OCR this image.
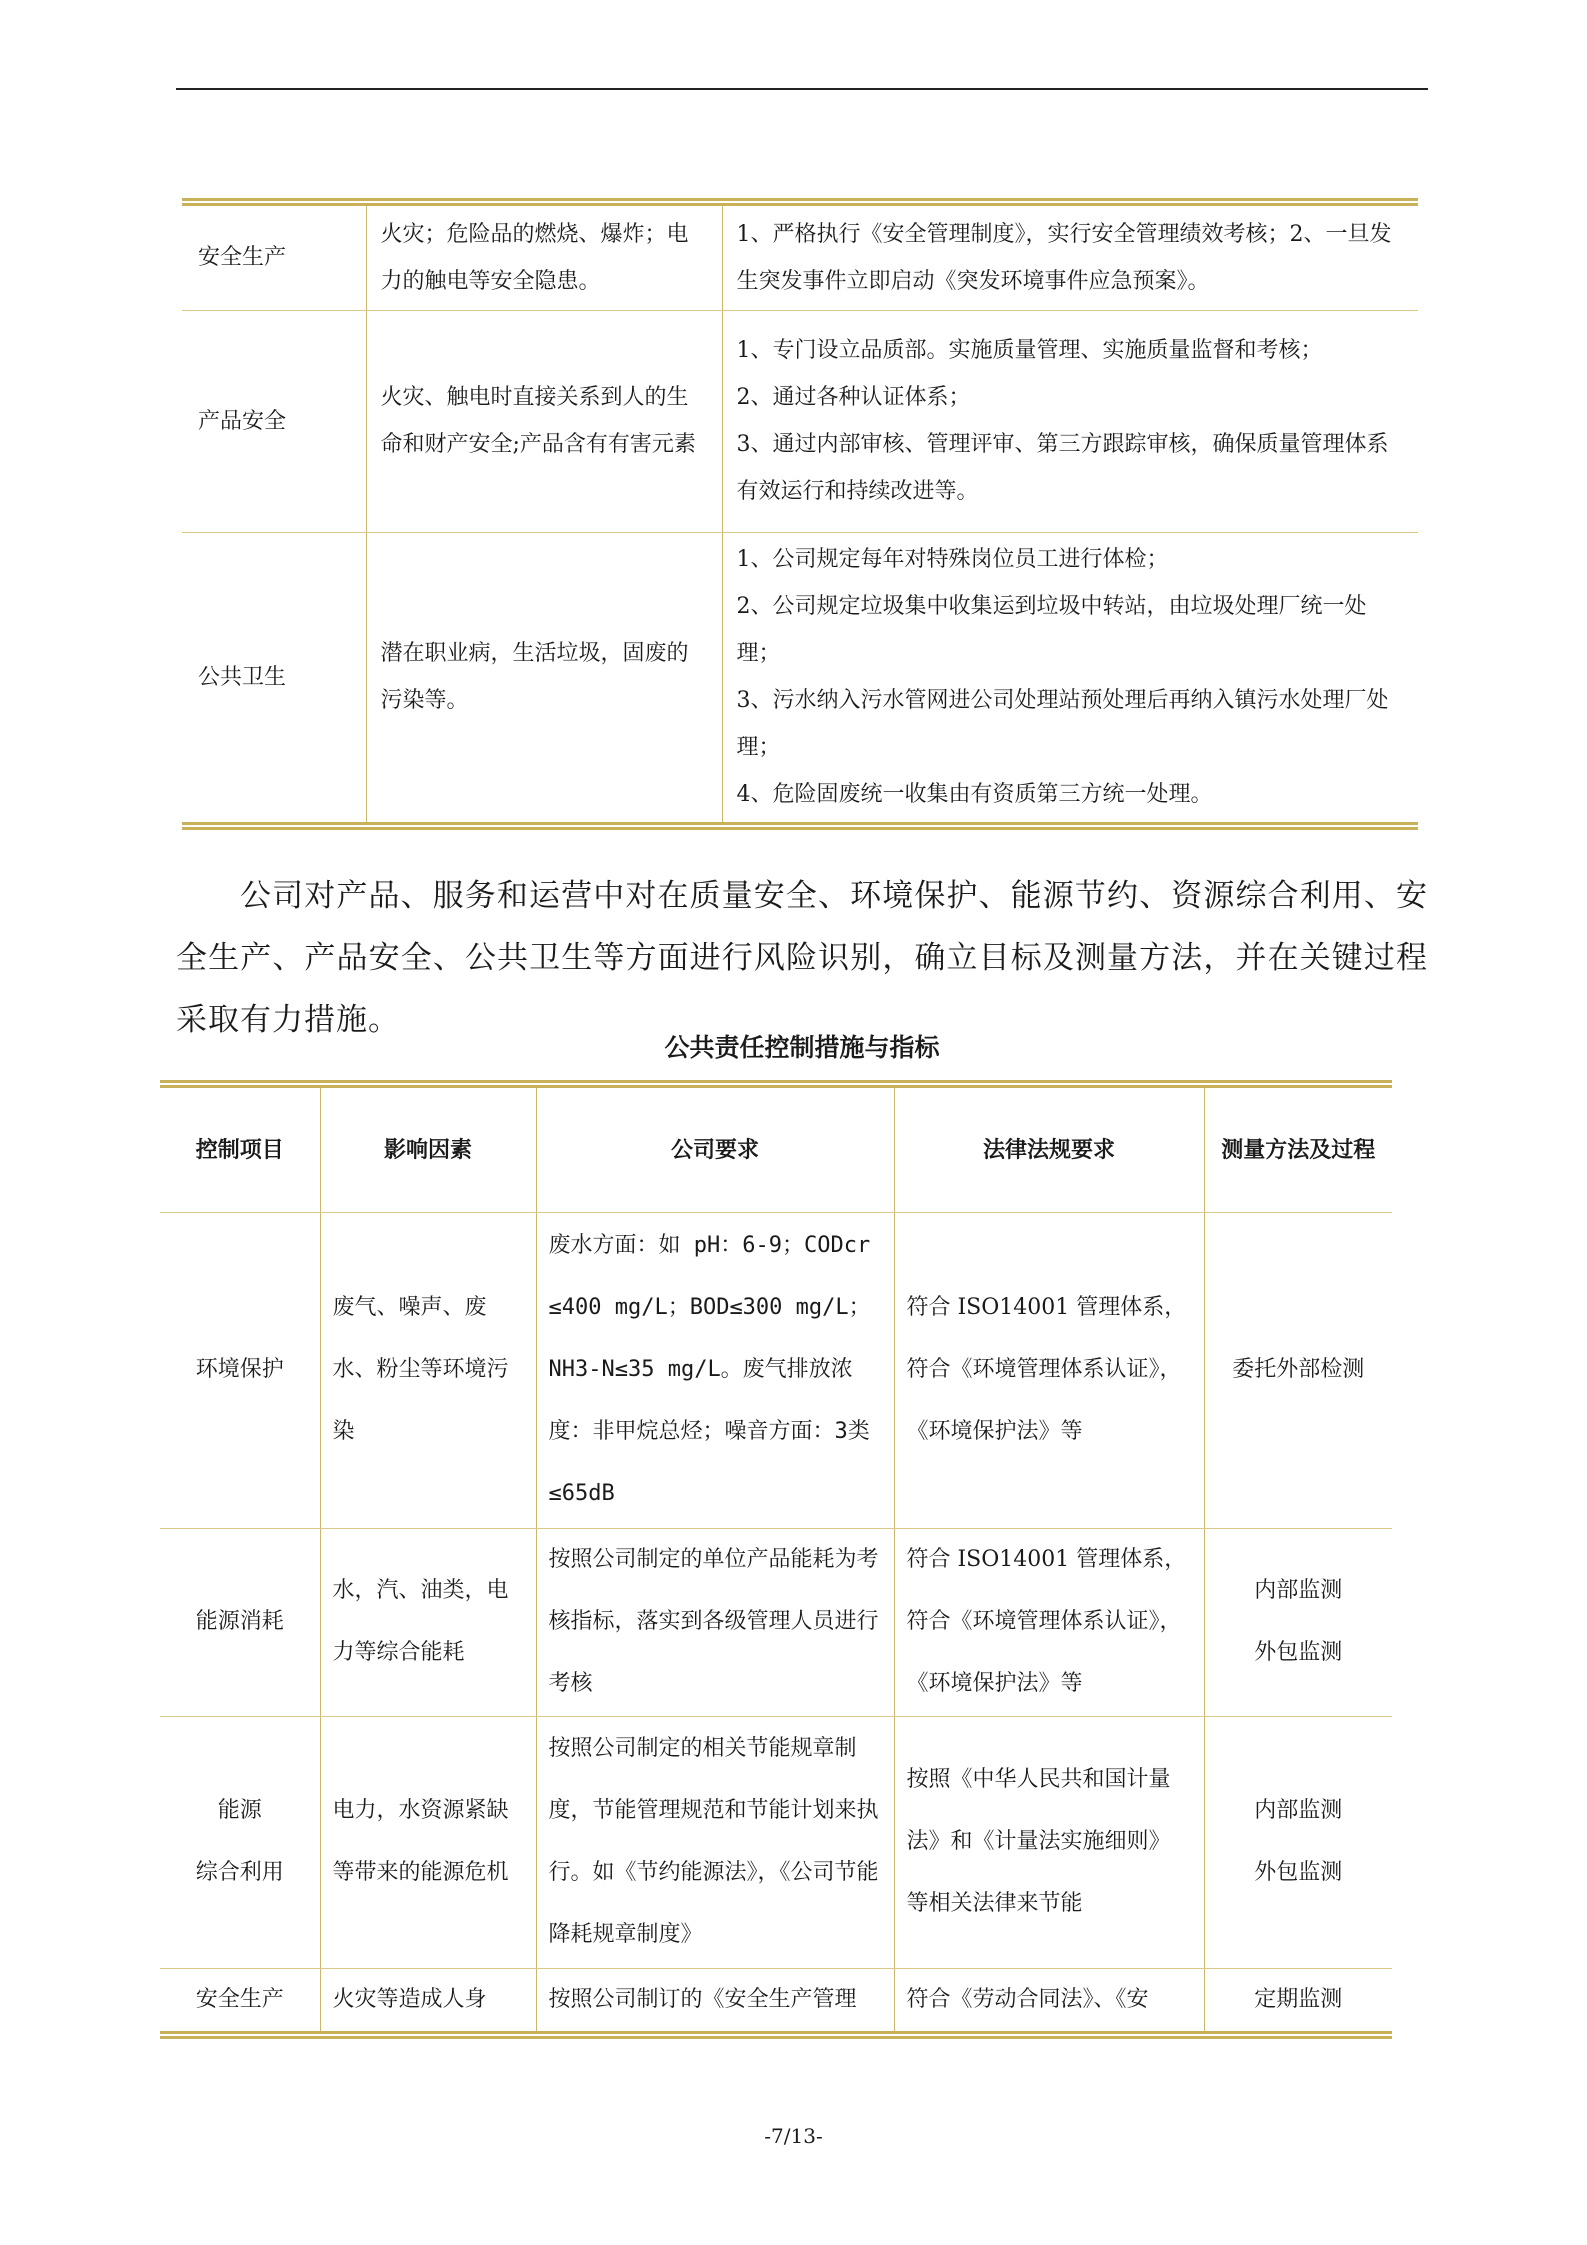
安全生产	火灾；危险品的燃烧、爆炸；电力的触电等安全隐患。	1、严格执行《安全管理制度》，实行安全管理绩效考核；2、一旦发生突发事件立即启动《突发环境事件应急预案》。

产品安全	火灾、触电时直接关系到人的生命和财产安全;产品含有有害元素	1、专门设立品质部。实施质量管理、实施质量监督和考核；
2、通过各种认证体系；
3、通过内部审核、管理评审、第三方跟踪审核，确保质量管理体系有效运行和持续改进等。

公共卫生	潜在职业病，生活垃圾，固废的污染等。	1、公司规定每年对特殊岗位员工进行体检；
2、公司规定垃圾集中收集运到垃圾中转站，由垃圾处理厂统一处理；
3、污水纳入污水管网进公司处理站预处理后再纳入镇污水处理厂处理；
4、危险固废统一收集由有资质第三方统一处理。

公司对产品、服务和运营中对在质量安全、环境保护、能源节约、资源综合利用、安全生产、产品安全、公共卫生等方面进行风险识别，确立目标及测量方法，并在关键过程采取有力措施。

公共责任控制措施与指标
控制项目	影响因素	公司要求	法律法规要求	测量方法及过程

环境保护	废气、噪声、废水、粉尘等环境污染	废水方面：如 pH：6-9；CODcr ≤400 mg/L；BOD≤300 mg/L；NH3-N≤35 mg/L。废气排放浓度：非甲烷总烃；噪音方面：3类≤65dB	符合 ISO14001 管理体系，符合《环境管理体系认证》，《环境保护法》等	委托外部检测

能源消耗	水，汽、油类，电力等综合能耗	按照公司制定的单位产品能耗为考核指标，落实到各级管理人员进行考核	符合 ISO14001 管理体系，符合《环境管理体系认证》，《环境保护法》等	内部监测
外包监测

能源
综合利用	电力，水资源紧缺等带来的能源危机	按照公司制定的相关节能规章制度，节能管理规范和节能计划来执行。如《节约能源法》，《公司节能降耗规章制度》	按照《中华人民共和国计量法》和《计量法实施细则》等相关法律来节能	内部监测
外包监测

安全生产	火灾等造成人身	按照公司制订的《安全生产管理	符合《劳动合同法》、《安	定期监测
-7/13-
